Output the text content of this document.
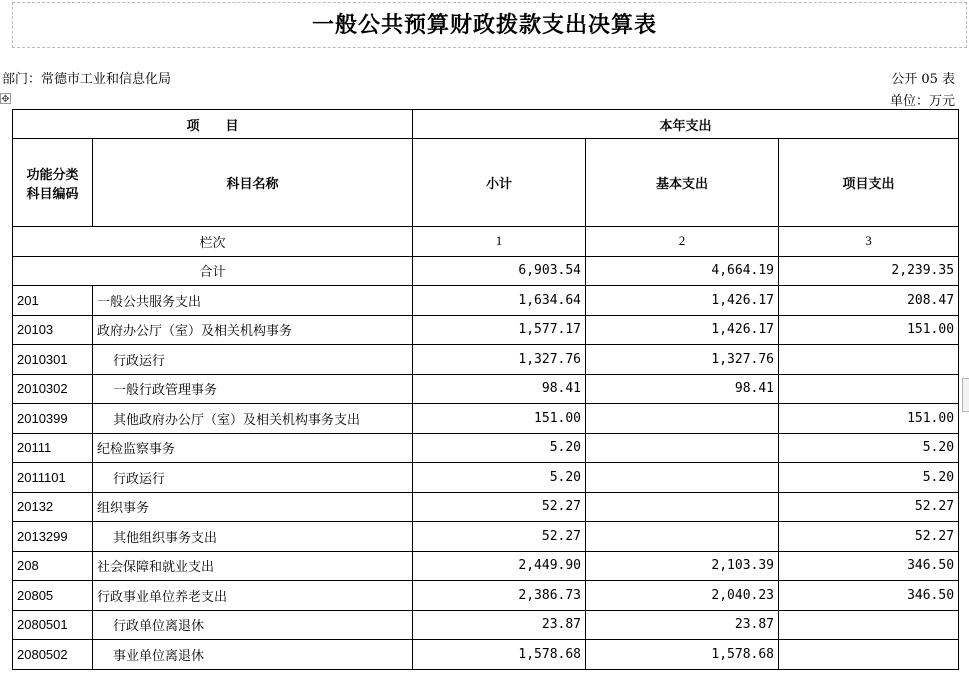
一般公共预算财政拨款支出决算表
部门：常德市工业和信息化局	公开 05 表
单位：万元
✥
项　　目		本年支出		

功能分类
科目编码	科目名称	小计	基本支出	项目支出
栏次		1	2	3
合计		6,903.54	4,664.19	2,239.35
201	一般公共服务支出	1,634.64	1,426.17	208.47
20103	政府办公厅（室）及相关机构事务	1,577.17	1,426.17	151.00
2010301	行政运行	1,327.76	1,327.76	
2010302	一般行政管理事务	98.41	98.41	
2010399	其他政府办公厅（室）及相关机构事务支出	151.00		151.00
20111	纪检监察事务	5.20		5.20
2011101	行政运行	5.20		5.20
20132	组织事务	52.27		52.27
2013299	其他组织事务支出	52.27		52.27
208	社会保障和就业支出	2,449.90	2,103.39	346.50
20805	行政事业单位养老支出	2,386.73	2,040.23	346.50
2080501	行政单位离退休	23.87	23.87	
2080502	事业单位离退休	1,578.68	1,578.68	
